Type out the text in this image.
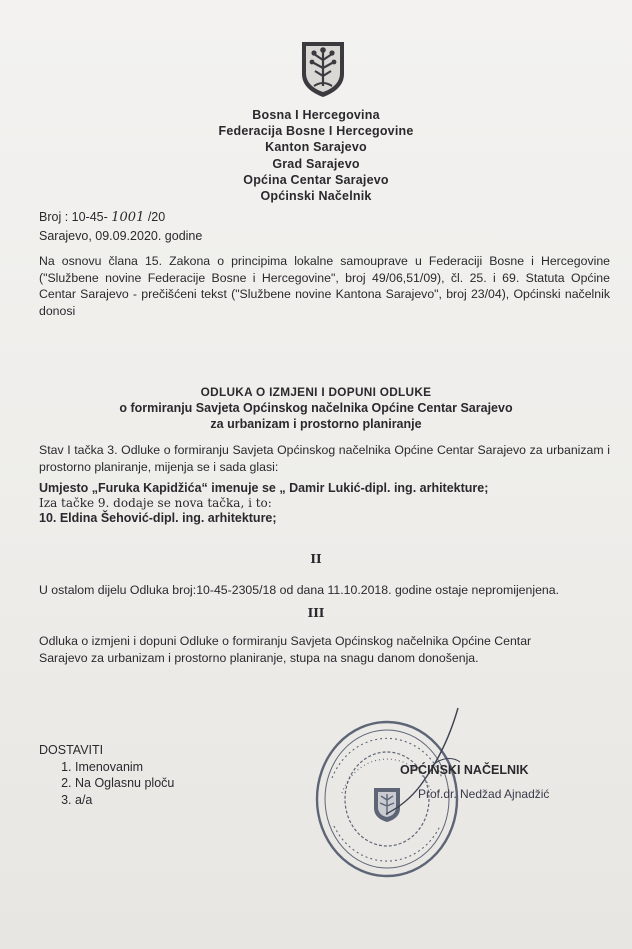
Bosna I Hercegovina
Federacija Bosne I Hercegovine
Kanton Sarajevo
Grad Sarajevo
Općina Centar Sarajevo
Općinski Načelnik
Broj : 10-45- 1001 /20
Sarajevo, 09.09.2020. godine
Na osnovu člana 15. Zakona o principima lokalne samouprave u Federaciji Bosne i Hercegovine ("Službene novine Federacije Bosne i Hercegovine", broj 49/06,51/09), čl. 25. i 69. Statuta Općine Centar Sarajevo - prečišćeni tekst ("Službene novine Kantona Sarajevo", broj 23/04), Općinski načelnik donosi
ODLUKA O IZMJENI I DOPUNI ODLUKE
o formiranju Savjeta Općinskog načelnika Općine Centar Sarajevo
za urbanizam i prostorno planiranje
Stav I tačka 3. Odluke o formiranju Savjeta Općinskog načelnika Općine Centar Sarajevo za urbanizam i prostorno planiranje, mijenja se i sada glasi:
Umjesto „Furuka Kapidžića“ imenuje se „ Damir Lukić-dipl. ing. arhitekture;
Iza tačke 9. dodaje se nova tačka, i to:
10. Eldina Šehović-dipl. ing. arhitekture;
II
U ostalom dijelu Odluka broj:10-45-2305/18 od dana 11.10.2018. godine ostaje nepromijenjena.
III
Odluka o izmjeni i dopuni Odluke o formiranju Savjeta Općinskog načelnika Općine Centar Sarajevo za urbanizam i prostorno planiranje, stupa na snagu danom donošenja.
DOSTAVITI
1. Imenovanim
2. Na Oglasnu ploču
3. a/a
OPĆINSKI NAČELNIK
Prof.dr. Nedžad Ajnadžić
